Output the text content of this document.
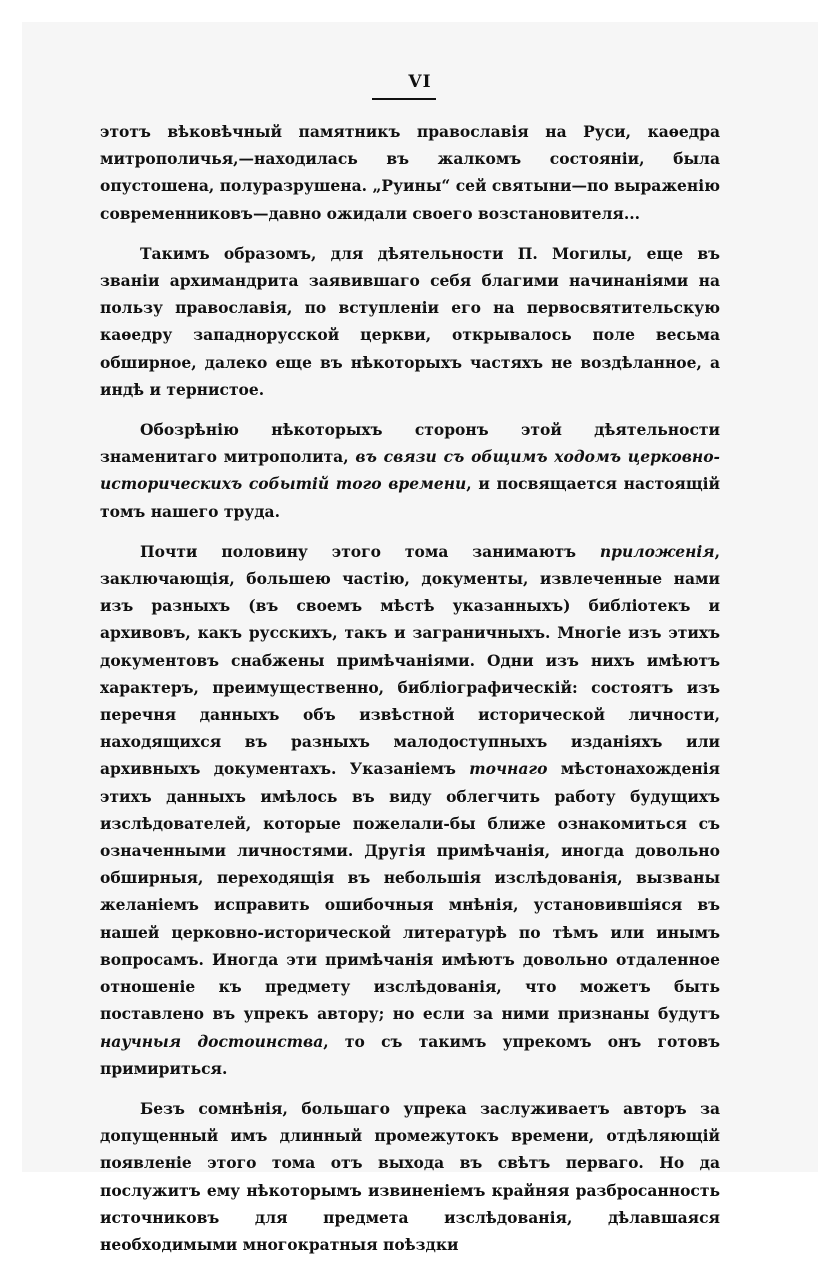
VI

этотъ вѣковѣчный памятникъ православія на Руси, каѳедра митрополичья,—находилась въ жалкомъ состояніи, была опустошена, полуразрушена. „Руины“ сей святыни—по выраженію современниковъ—давно ожидали своего возстановителя...

Такимъ образомъ, для дѣятельности П. Могилы, еще въ званіи архимандрита заявившаго себя благими начинаніями на пользу православія, по вступленіи его на первосвятительскую каѳедру западнорусской церкви, открывалось поле весьма обширное, далеко еще въ нѣкоторыхъ частяхъ не воздѣланное, а индѣ и тернистое.

Обозрѣнію нѣкоторыхъ сторонъ этой дѣятельности знаменитаго митрополита, въ связи съ общимъ ходомъ церковно-историческихъ событій того времени, и посвящается настоящій томъ нашего труда.

Почти половину этого тома занимаютъ приложенія, заключающія, большею частію, документы, извлеченные нами изъ разныхъ (въ своемъ мѣстѣ указанныхъ) библіотекъ и архивовъ, какъ русскихъ, такъ и заграничныхъ. Многіе изъ этихъ документовъ снабжены примѣчаніями. Одни изъ нихъ имѣютъ характеръ, преимущественно, библіографическій: состоятъ изъ перечня данныхъ объ извѣстной исторической личности, находящихся въ разныхъ малодоступныхъ изданіяхъ или архивныхъ документахъ. Указаніемъ точнаго мѣстонахожденія этихъ данныхъ имѣлось въ виду облегчить работу будущихъ изслѣдователей, которые пожелали-бы ближе ознакомиться съ означенными личностями. Другія примѣчанія, иногда довольно обширныя, переходящія въ небольшія изслѣдованія, вызваны желаніемъ исправить ошибочныя мнѣнія, установившіяся въ нашей церковно-исторической литературѣ по тѣмъ или инымъ вопросамъ. Иногда эти примѣчанія имѣютъ довольно отдаленное отношеніе къ предмету изслѣдованія, что можетъ быть поставлено въ упрекъ автору; но если за ними признаны будутъ научныя достоинства, то съ такимъ упрекомъ онъ готовъ примириться.

Безъ сомнѣнія, большаго упрека заслуживаетъ авторъ за допущенный имъ длинный промежутокъ времени, отдѣляющій появленіе этого тома отъ выхода въ свѣтъ перваго. Но да послужитъ ему нѣкоторымъ извиненіемъ крайняя разбросанность источниковъ для предмета изслѣдованія, дѣлавшаяся необходимыми многократныя поѣздки
